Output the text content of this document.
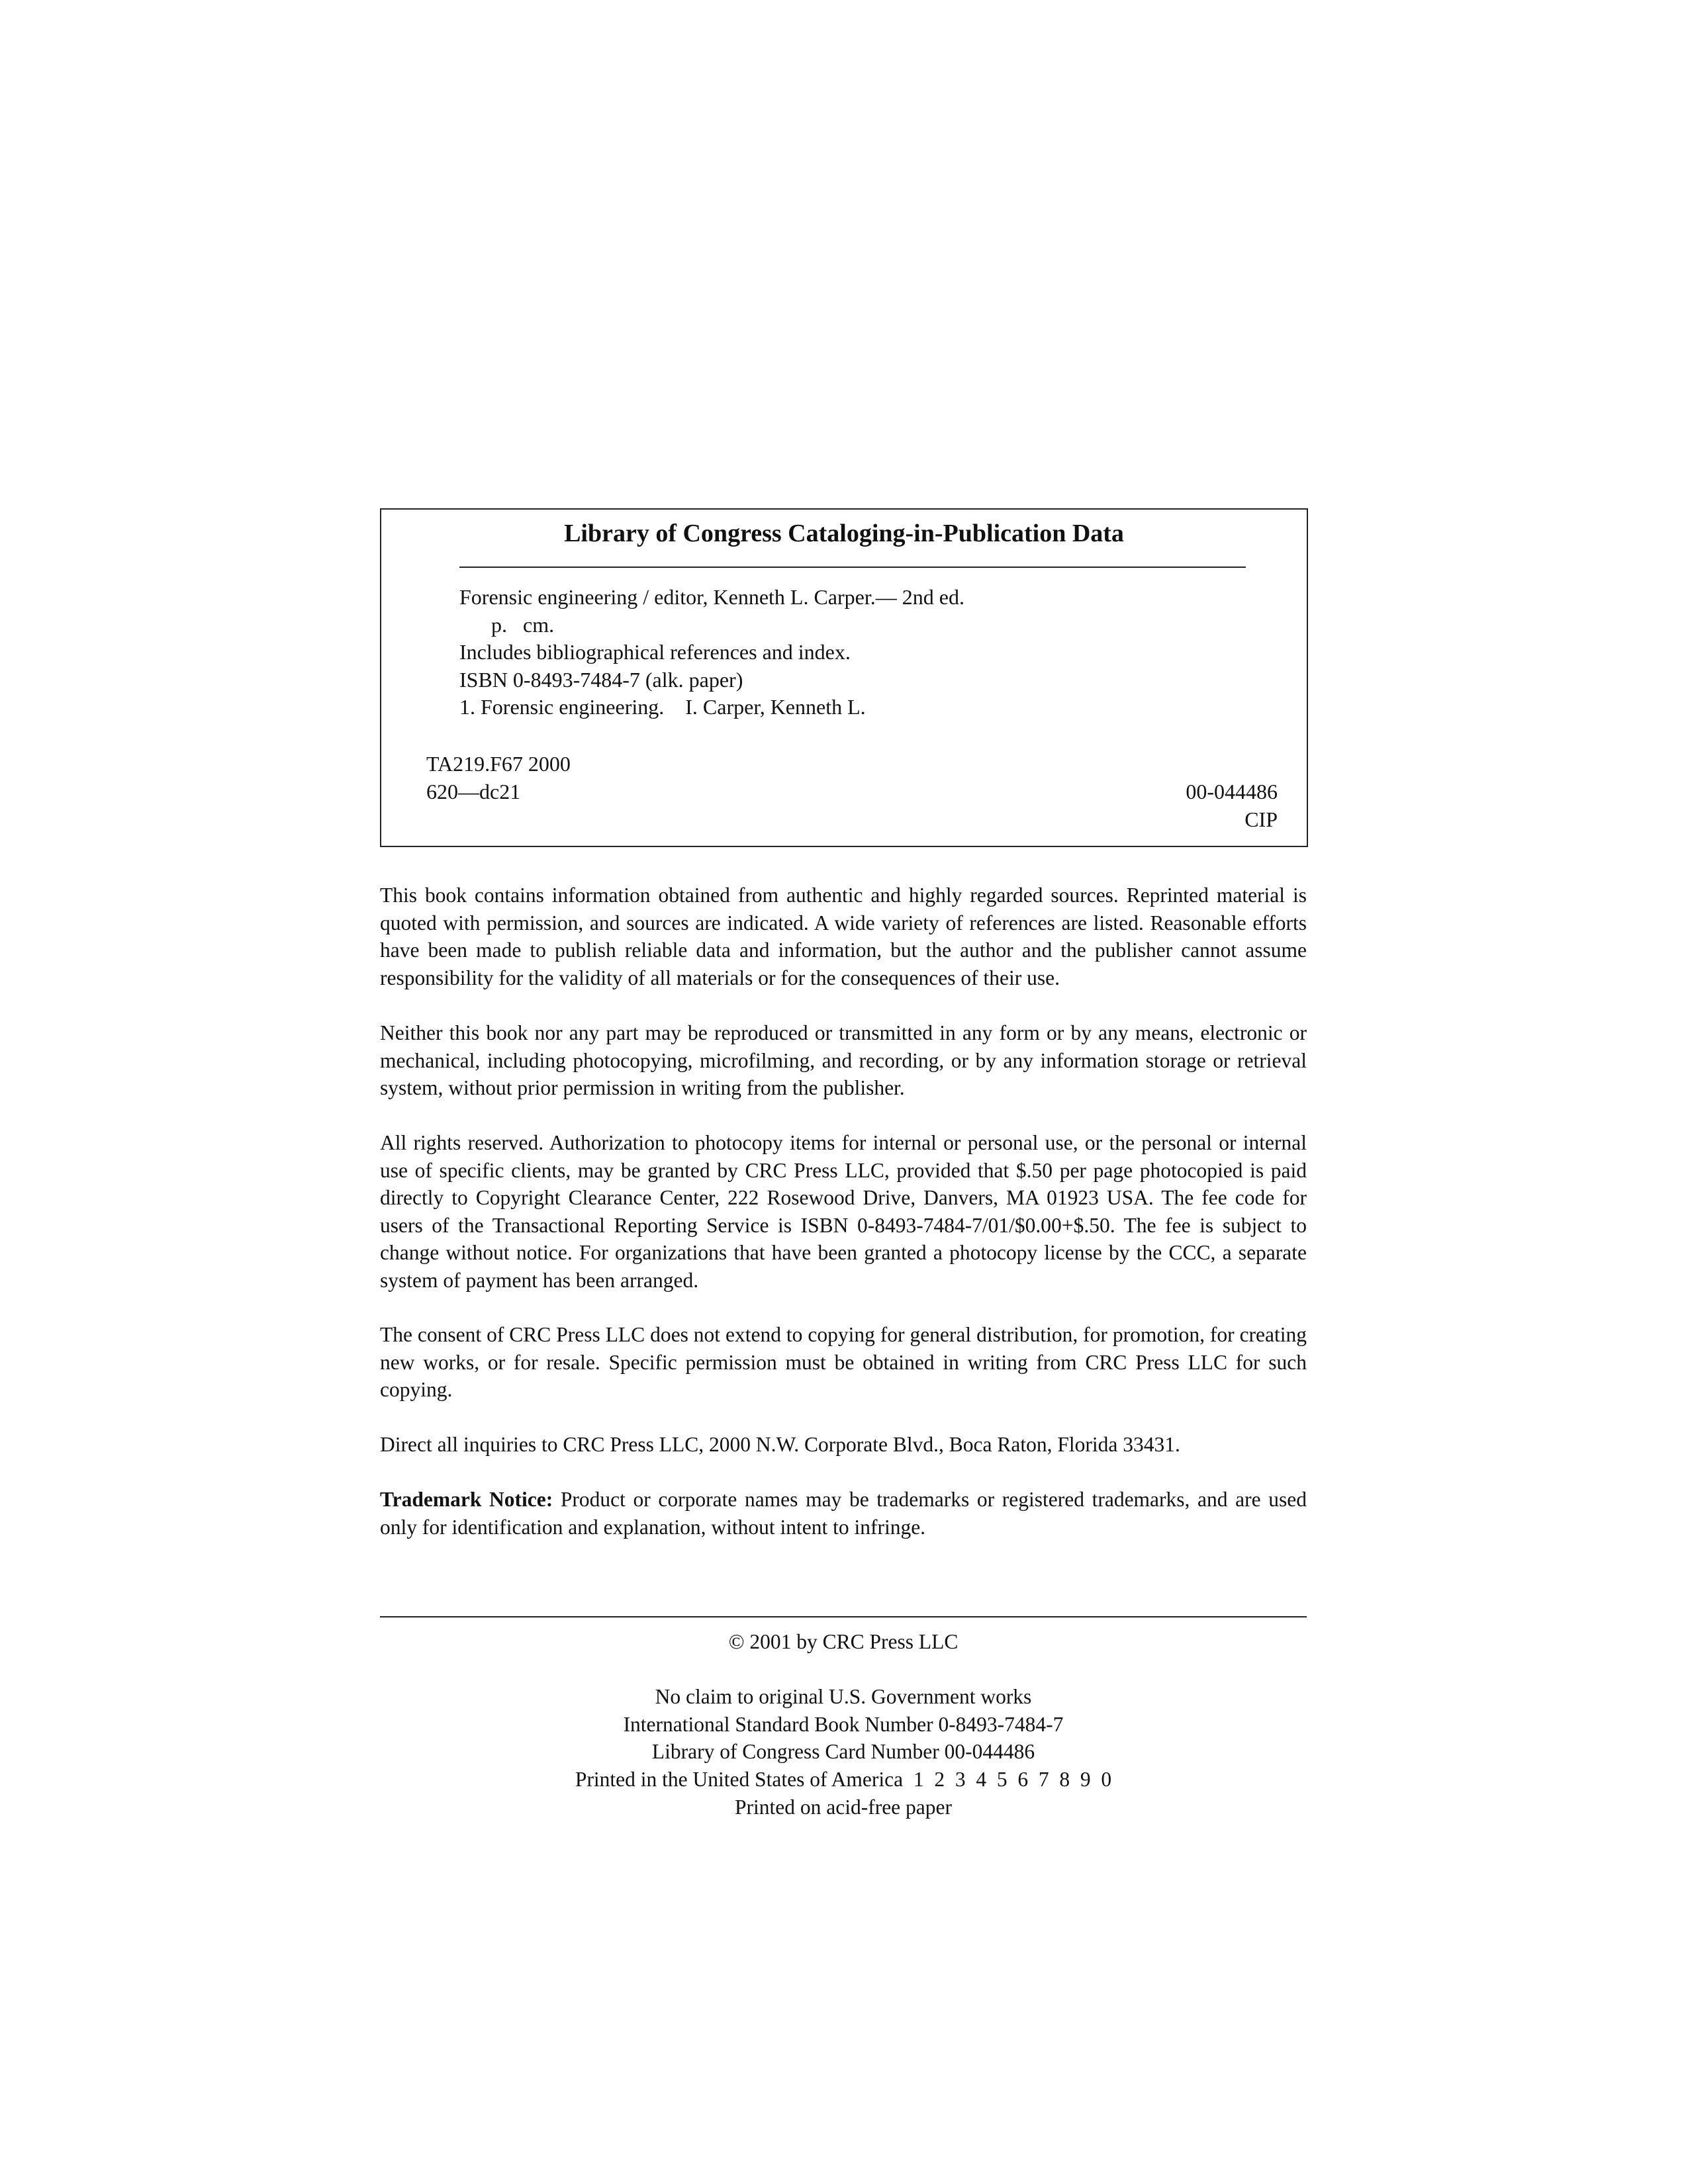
Library of Congress Cataloging-in-Publication Data
Forensic engineering / editor, Kenneth L. Carper.— 2nd ed.
p.   cm.
Includes bibliographical references and index.
ISBN 0-8493-7484-7 (alk. paper)
1. Forensic engineering.    I. Carper, Kenneth L.
TA219.F67 2000
620—dc21	00-044486
CIP

This book contains information obtained from authentic and highly regarded sources. Reprinted material is quoted with permission, and sources are indicated. A wide variety of references are listed. Reasonable efforts have been made to publish reliable data and information, but the author and the publisher cannot assume responsibility for the validity of all materials or for the consequences of their use.

Neither this book nor any part may be reproduced or transmitted in any form or by any means, electronic or mechanical, including photocopying, microfilming, and recording, or by any information storage or retrieval system, without prior permission in writing from the publisher.

All rights reserved. Authorization to photocopy items for internal or personal use, or the personal or internal use of specific clients, may be granted by CRC Press LLC, provided that $.50 per page photocopied is paid directly to Copyright Clearance Center, 222 Rosewood Drive, Danvers, MA 01923 USA. The fee code for users of the Transactional Reporting Service is ISBN 0-8493-7484-7/01/$0.00+$.50. The fee is subject to change without notice. For organizations that have been granted a photocopy license by the CCC, a separate system of payment has been arranged.

The consent of CRC Press LLC does not extend to copying for general distribution, for promotion, for creating new works, or for resale. Specific permission must be obtained in writing from CRC Press LLC for such copying.

Direct all inquiries to CRC Press LLC, 2000 N.W. Corporate Blvd., Boca Raton, Florida 33431.

Trademark Notice: Product or corporate names may be trademarks or registered trademarks, and are used only for identification and explanation, without intent to infringe.

© 2001 by CRC Press LLC
No claim to original U.S. Government works
International Standard Book Number 0-8493-7484-7
Library of Congress Card Number 00-044486
Printed in the United States of America  1  2  3  4  5  6  7  8  9  0
Printed on acid-free paper
